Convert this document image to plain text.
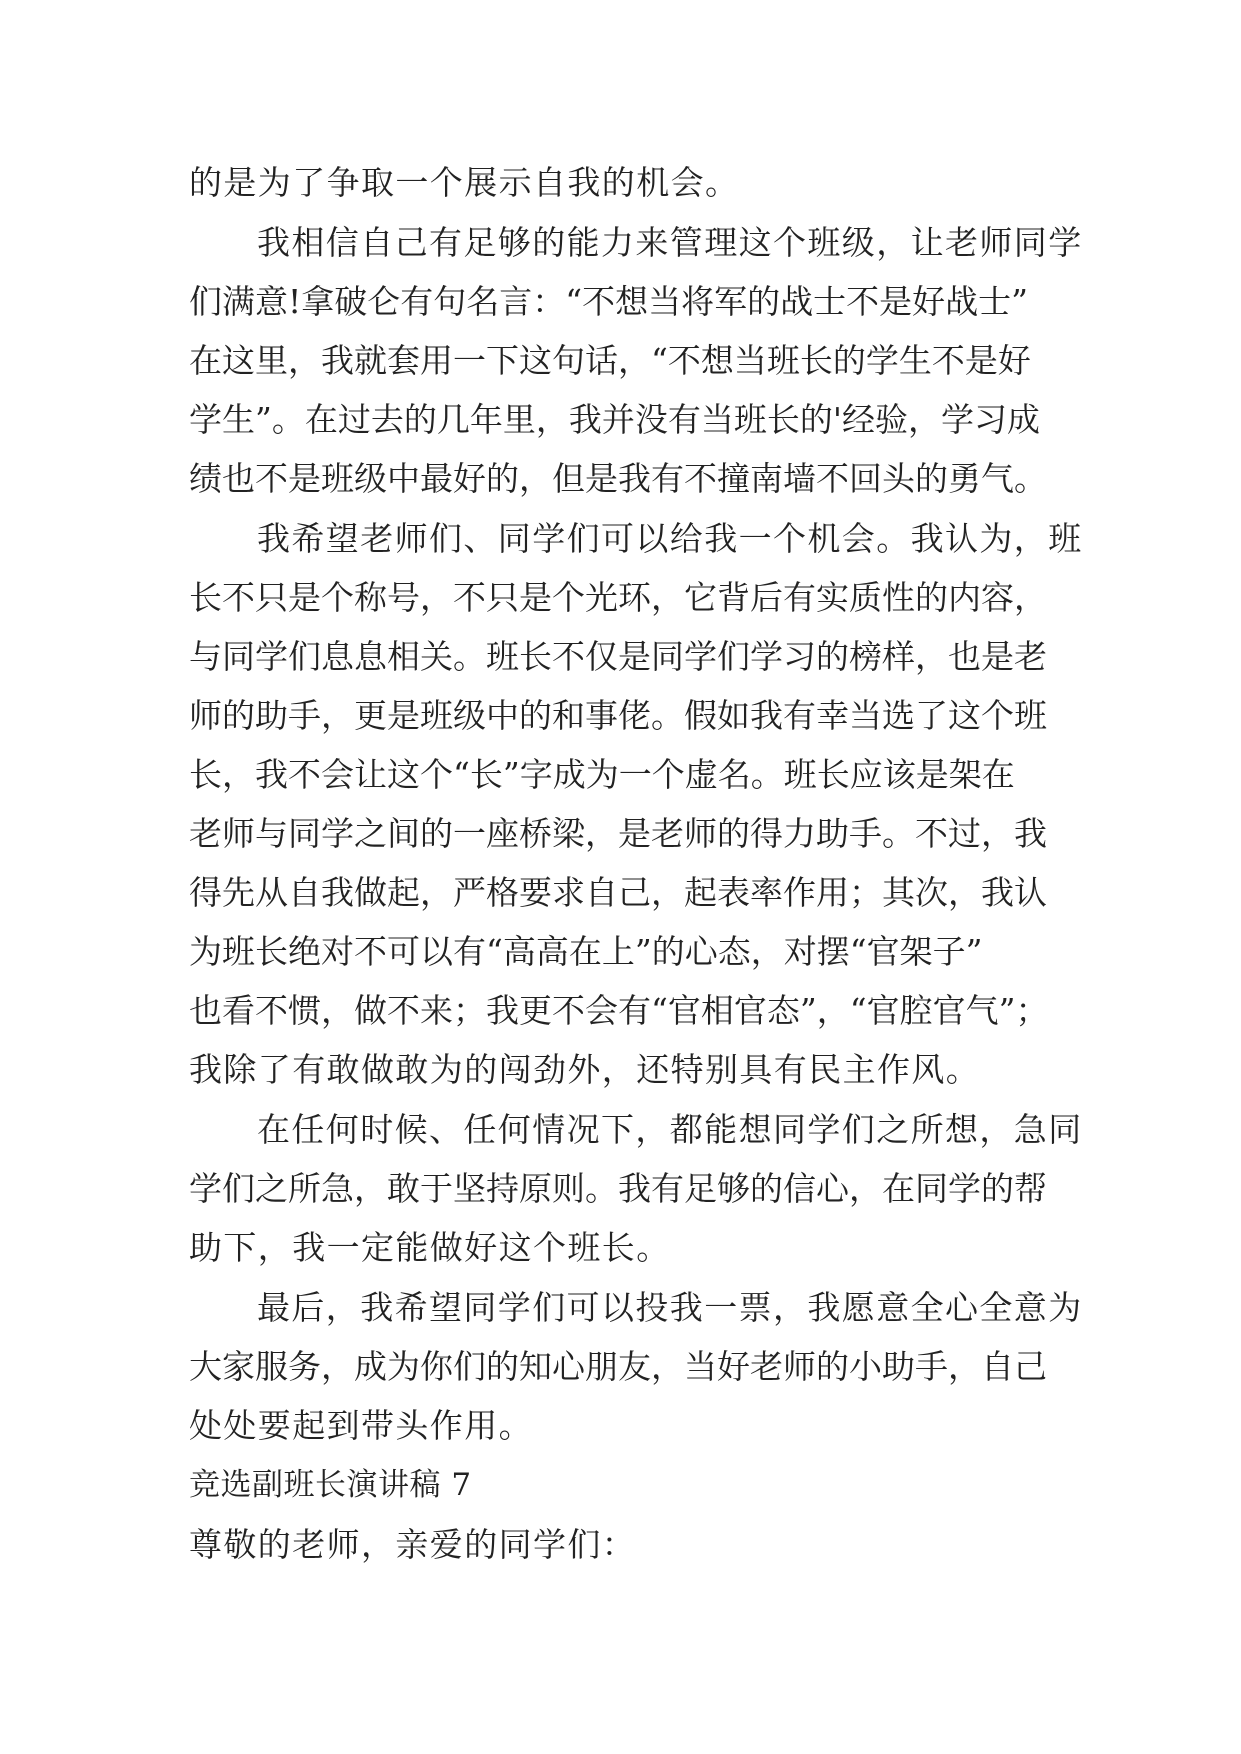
的是为了争取一个展示自我的机会。
我相信自己有足够的能力来管理这个班级，让老师同学
们满意!拿破仑有句名言：“不想当将军的战士不是好战士”
在这里，我就套用一下这句话，“不想当班长的学生不是好
学生”。在过去的几年里，我并没有当班长的'经验，学习成
绩也不是班级中最好的，但是我有不撞南墙不回头的勇气。
我希望老师们、同学们可以给我一个机会。我认为，班
长不只是个称号，不只是个光环，它背后有实质性的内容，
与同学们息息相关。班长不仅是同学们学习的榜样，也是老
师的助手，更是班级中的和事佬。假如我有幸当选了这个班
长，我不会让这个“长”字成为一个虚名。班长应该是架在
老师与同学之间的一座桥梁，是老师的得力助手。不过，我
得先从自我做起，严格要求自己，起表率作用；其次，我认
为班长绝对不可以有“高高在上”的心态，对摆“官架子”
也看不惯，做不来；我更不会有“官相官态”，“官腔官气”；
我除了有敢做敢为的闯劲外，还特别具有民主作风。
在任何时候、任何情况下，都能想同学们之所想，急同
学们之所急，敢于坚持原则。我有足够的信心，在同学的帮
助下，我一定能做好这个班长。
最后，我希望同学们可以投我一票，我愿意全心全意为
大家服务，成为你们的知心朋友，当好老师的小助手，自己
处处要起到带头作用。
竞选副班长演讲稿 7
尊敬的老师，亲爱的同学们：
